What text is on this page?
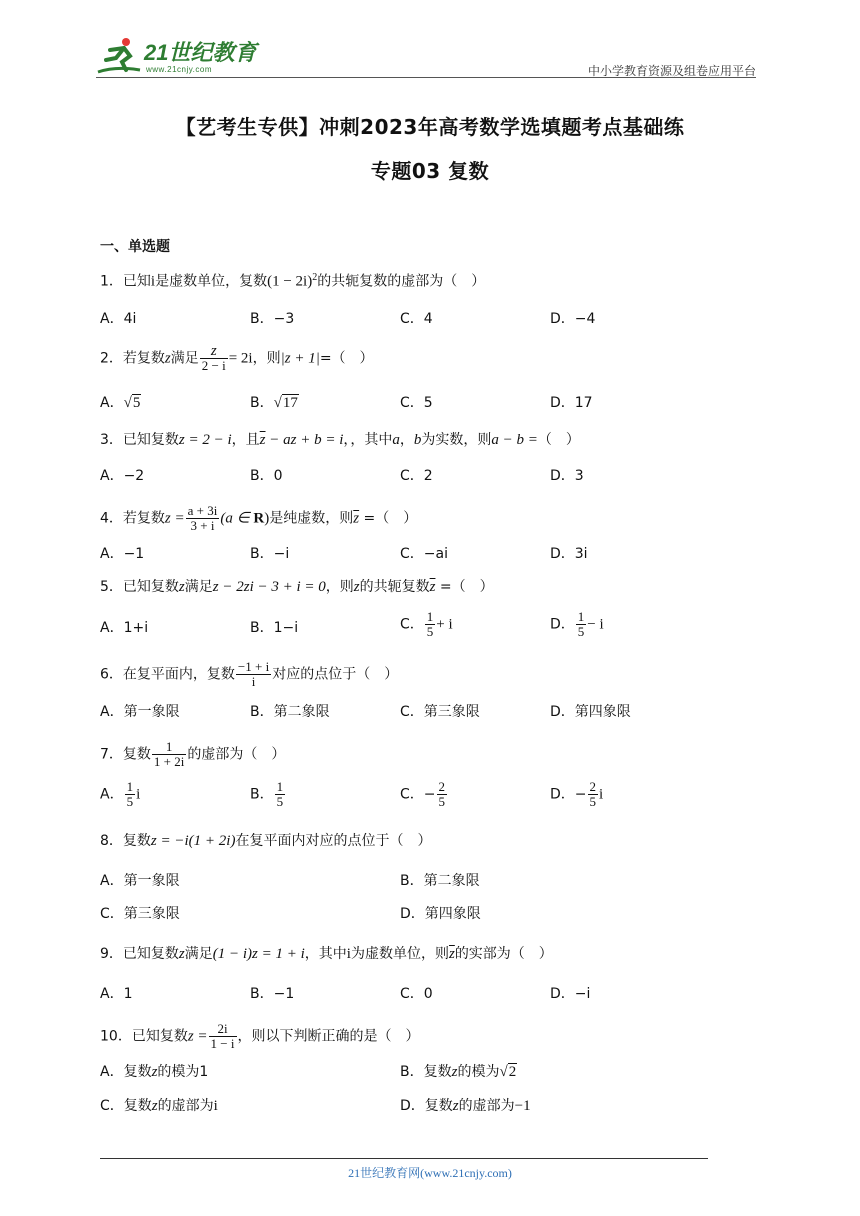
21世纪教育
www.21cnjy.com	中小学教育资源及组卷应用平台
【艺考生专供】冲刺2023年高考数学选填题考点基础练
专题03 复数
一、单选题
1．已知i是虚数单位，复数$(1 - 2i)^2$的共轭复数的虚部为（　）
A．4i	B．−3	C．4	D．−4
2．若复数z满足 $\frac{z}{2 - i} = 2i$，则|z + 1|=（　）
A．√5	B．√17	C．5	D．17
3．已知复数z = 2 − i，且$\overline{z}$ − az + b = i，，其中a，b为实数，则a − b =（　）
A．−2	B．0	C．2	D．3
4．若复数$z = \frac{a + 3i}{3 + i} (a$ ∈ R)是纯虚数，则$\overline{z}$ =（　）
A．−1	B．−i	C．−ai	D．3i
5．已知复数z满足z − 2zi − 3 + i = 0，则z的共轭复数$\overline{z}$ =（　）
A．1+i	B．1−i	C． $\frac{1}{5} + i$	D． $\frac{1}{5} - i$
6．在复平面内，复数 $\frac{-1 + i}{i}$ 对应的点位于（　）
A．第一象限	B．第二象限	C．第三象限	D．第四象限
7．复数 $\frac{1}{1 + 2i}$ 的虚部为（　）
A． $\frac{1}{5}$ i	B． $\frac{1}{5}$	C．− $\frac{2}{5}$	D．− $\frac{2}{5}$ i
8．复数z = −i(1 + 2i)在复平面内对应的点位于（　）
A．第一象限	B．第二象限
C．第三象限	D．第四象限
9．已知复数z满足(1 − i)z = 1 + i，其中i为虚数单位，则$\overline{z}$的实部为（　）
A．1	B．−1	C．0	D．−i
10．已知复数$z = \frac{2i}{1 - i}$ ，则以下判断正确的是（　）
A．复数z的模为1	B．复数z的模为√2
C．复数z的虚部为i	D．复数z的虚部为−1
21世纪教育网(www.21cnjy.com)
